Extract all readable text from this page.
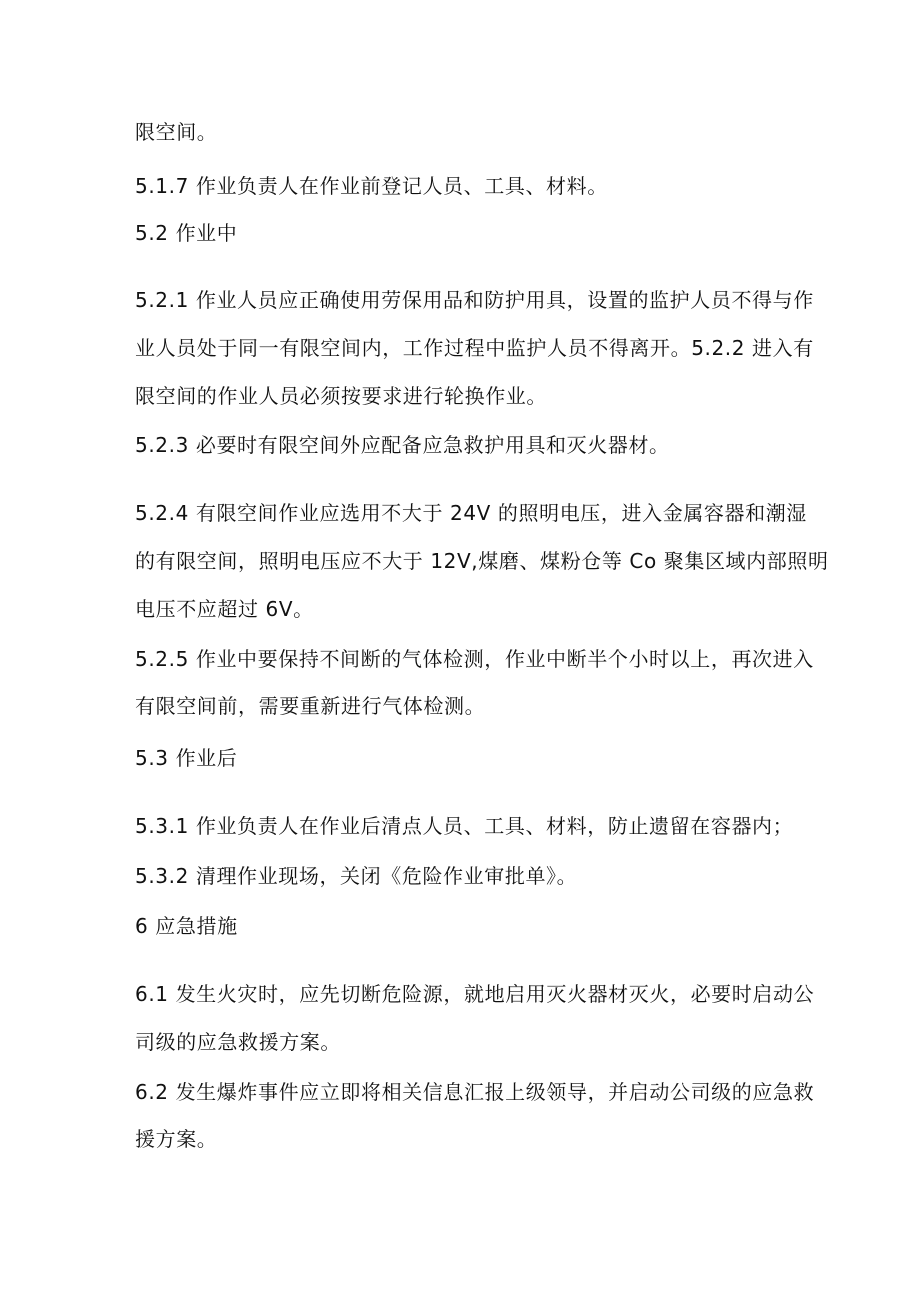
限空间。
5.1.7 作业负责人在作业前登记人员、工具、材料。
5.2 作业中
5.2.1 作业人员应正确使用劳保用品和防护用具，设置的监护人员不得与作
业人员处于同一有限空间内，工作过程中监护人员不得离开。5.2.2 进入有
限空间的作业人员必须按要求进行轮换作业。
5.2.3 必要时有限空间外应配备应急救护用具和灭火器材。
5.2.4 有限空间作业应选用不大于 24V 的照明电压，进入金属容器和潮湿
的有限空间，照明电压应不大于 12V,煤磨、煤粉仓等 Co 聚集区域内部照明
电压不应超过 6V。
5.2.5 作业中要保持不间断的气体检测，作业中断半个小时以上，再次进入
有限空间前，需要重新进行气体检测。
5.3 作业后
5.3.1 作业负责人在作业后清点人员、工具、材料，防止遗留在容器内；
5.3.2 清理作业现场，关闭《危险作业审批单》。
6 应急措施
6.1 发生火灾时，应先切断危险源，就地启用灭火器材灭火，必要时启动公
司级的应急救援方案。
6.2 发生爆炸事件应立即将相关信息汇报上级领导，并启动公司级的应急救
援方案。
